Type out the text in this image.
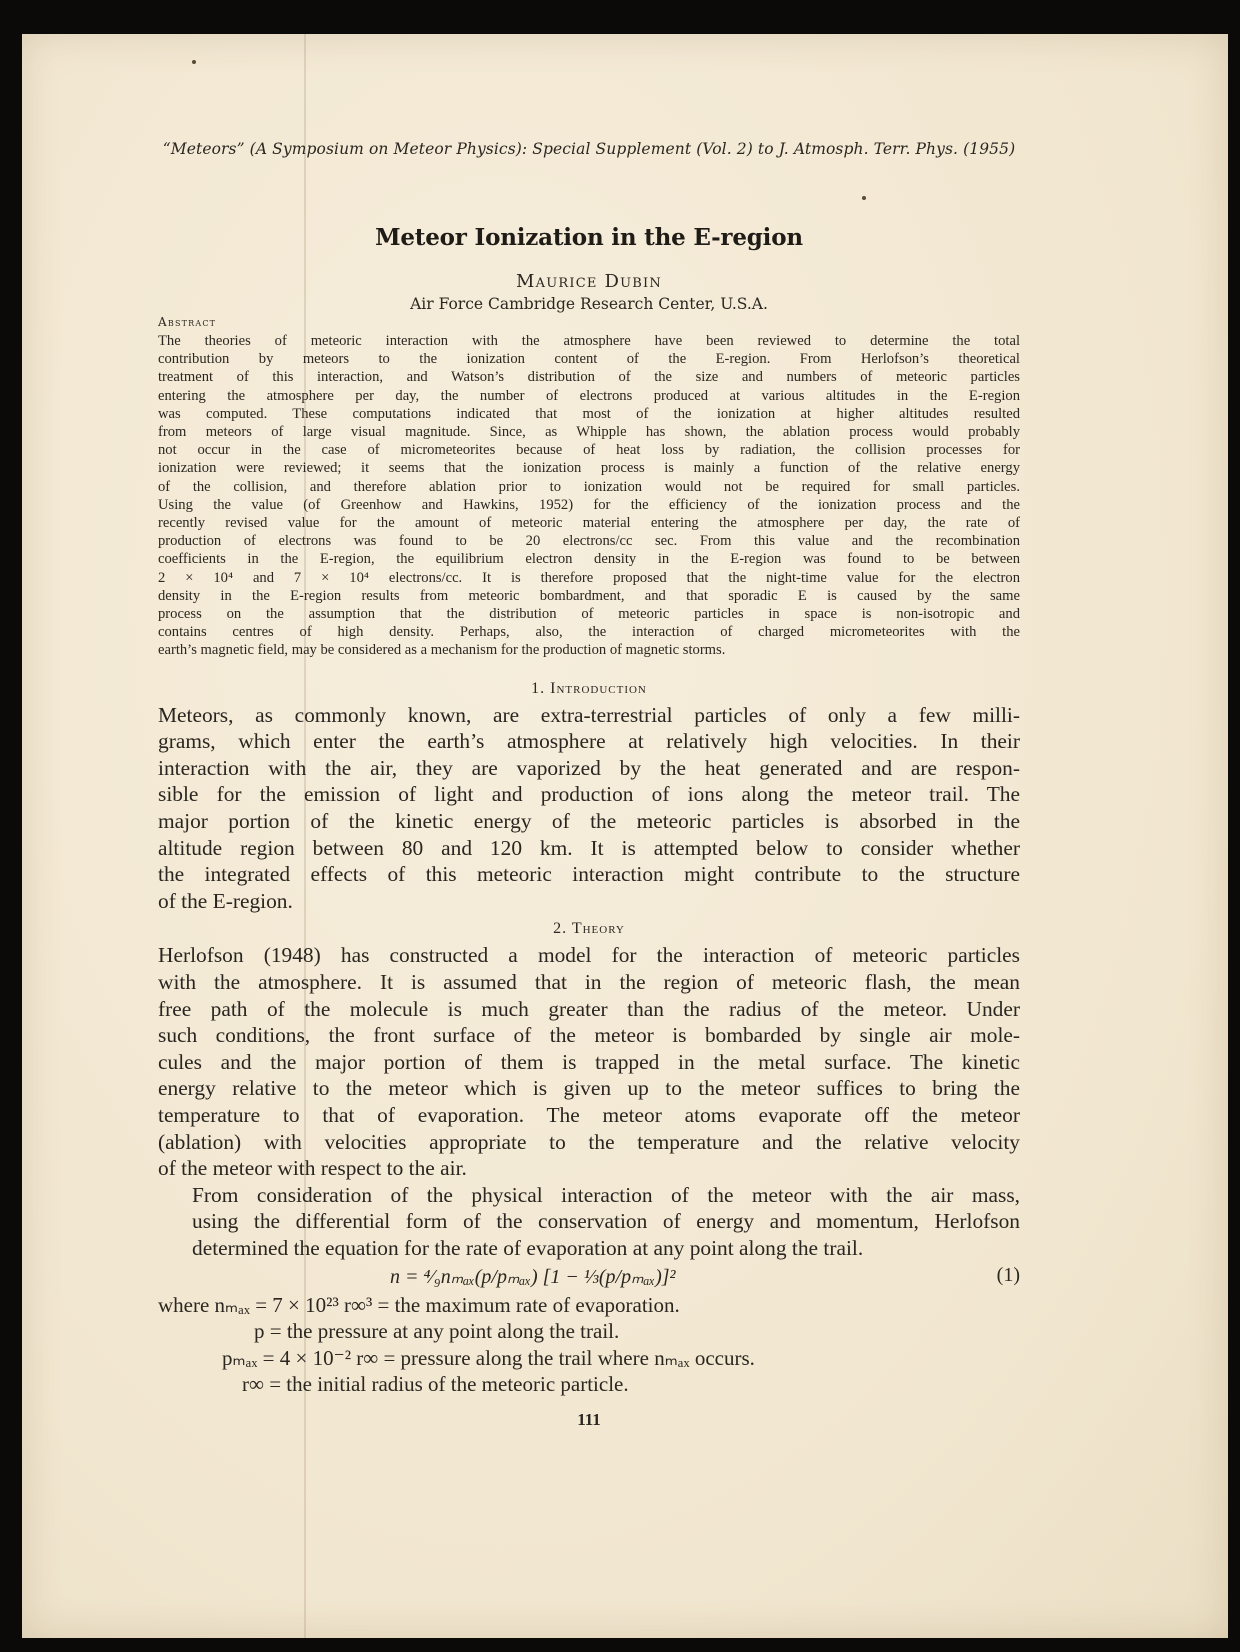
“Meteors” (A Symposium on Meteor Physics): Special Supplement (Vol. 2) to J. Atmosph. Terr. Phys. (1955)
Meteor Ionization in the E-region
Maurice Dubin
Air Force Cambridge Research Center, U.S.A.
Abstract
The theories of meteoric interaction with the atmosphere have been reviewed to determine the total
contribution by meteors to the ionization content of the E-region. From Herlofson’s theoretical
treatment of this interaction, and Watson’s distribution of the size and numbers of meteoric particles
entering the atmosphere per day, the number of electrons produced at various altitudes in the E-region
was computed. These computations indicated that most of the ionization at higher altitudes resulted
from meteors of large visual magnitude. Since, as Whipple has shown, the ablation process would probably
not occur in the case of micrometeorites because of heat loss by radiation, the collision processes for
ionization were reviewed; it seems that the ionization process is mainly a function of the relative energy
of the collision, and therefore ablation prior to ionization would not be required for small particles.
Using the value (of Greenhow and Hawkins, 1952) for the efficiency of the ionization process and the
recently revised value for the amount of meteoric material entering the atmosphere per day, the rate of
production of electrons was found to be 20 electrons/cc sec. From this value and the recombination
coefficients in the E-region, the equilibrium electron density in the E-region was found to be between
2 × 10⁴ and 7 × 10⁴ electrons/cc. It is therefore proposed that the night-time value for the electron
density in the E-region results from meteoric bombardment, and that sporadic E is caused by the same
process on the assumption that the distribution of meteoric particles in space is non-isotropic and
contains centres of high density. Perhaps, also, the interaction of charged micrometeorites with the
earth’s magnetic field, may be considered as a mechanism for the production of magnetic storms.
1. Introduction
Meteors, as commonly known, are extra-terrestrial particles of only a few milli-
grams, which enter the earth’s atmosphere at relatively high velocities. In their
interaction with the air, they are vaporized by the heat generated and are respon-
sible for the emission of light and production of ions along the meteor trail. The
major portion of the kinetic energy of the meteoric particles is absorbed in the
altitude region between 80 and 120 km. It is attempted below to consider whether
the integrated effects of this meteoric interaction might contribute to the structure
of the E-region.
2. Theory
Herlofson (1948) has constructed a model for the interaction of meteoric particles
with the atmosphere. It is assumed that in the region of meteoric flash, the mean
free path of the molecule is much greater than the radius of the meteor. Under
such conditions, the front surface of the meteor is bombarded by single air mole-
cules and the major portion of them is trapped in the metal surface. The kinetic
energy relative to the meteor which is given up to the meteor suffices to bring the
temperature to that of evaporation. The meteor atoms evaporate off the meteor
(ablation) with velocities appropriate to the temperature and the relative velocity
of the meteor with respect to the air.
From consideration of the physical interaction of the meteor with the air mass,
using the differential form of the conservation of energy and momentum, Herlofson
determined the equation for the rate of evaporation at any point along the trail.
n = ⁴⁄₉nₘₐₓ(p/pₘₐₓ) [1 − ⅓(p/pₘₐₓ)]²	(1)
where nₘₐₓ = 7 × 10²³ r∞³ = the maximum rate of evaporation.
p = the pressure at any point along the trail.
pₘₐₓ = 4 × 10⁻² r∞ = pressure along the trail where nₘₐₓ occurs.
r∞ = the initial radius of the meteoric particle.
111
